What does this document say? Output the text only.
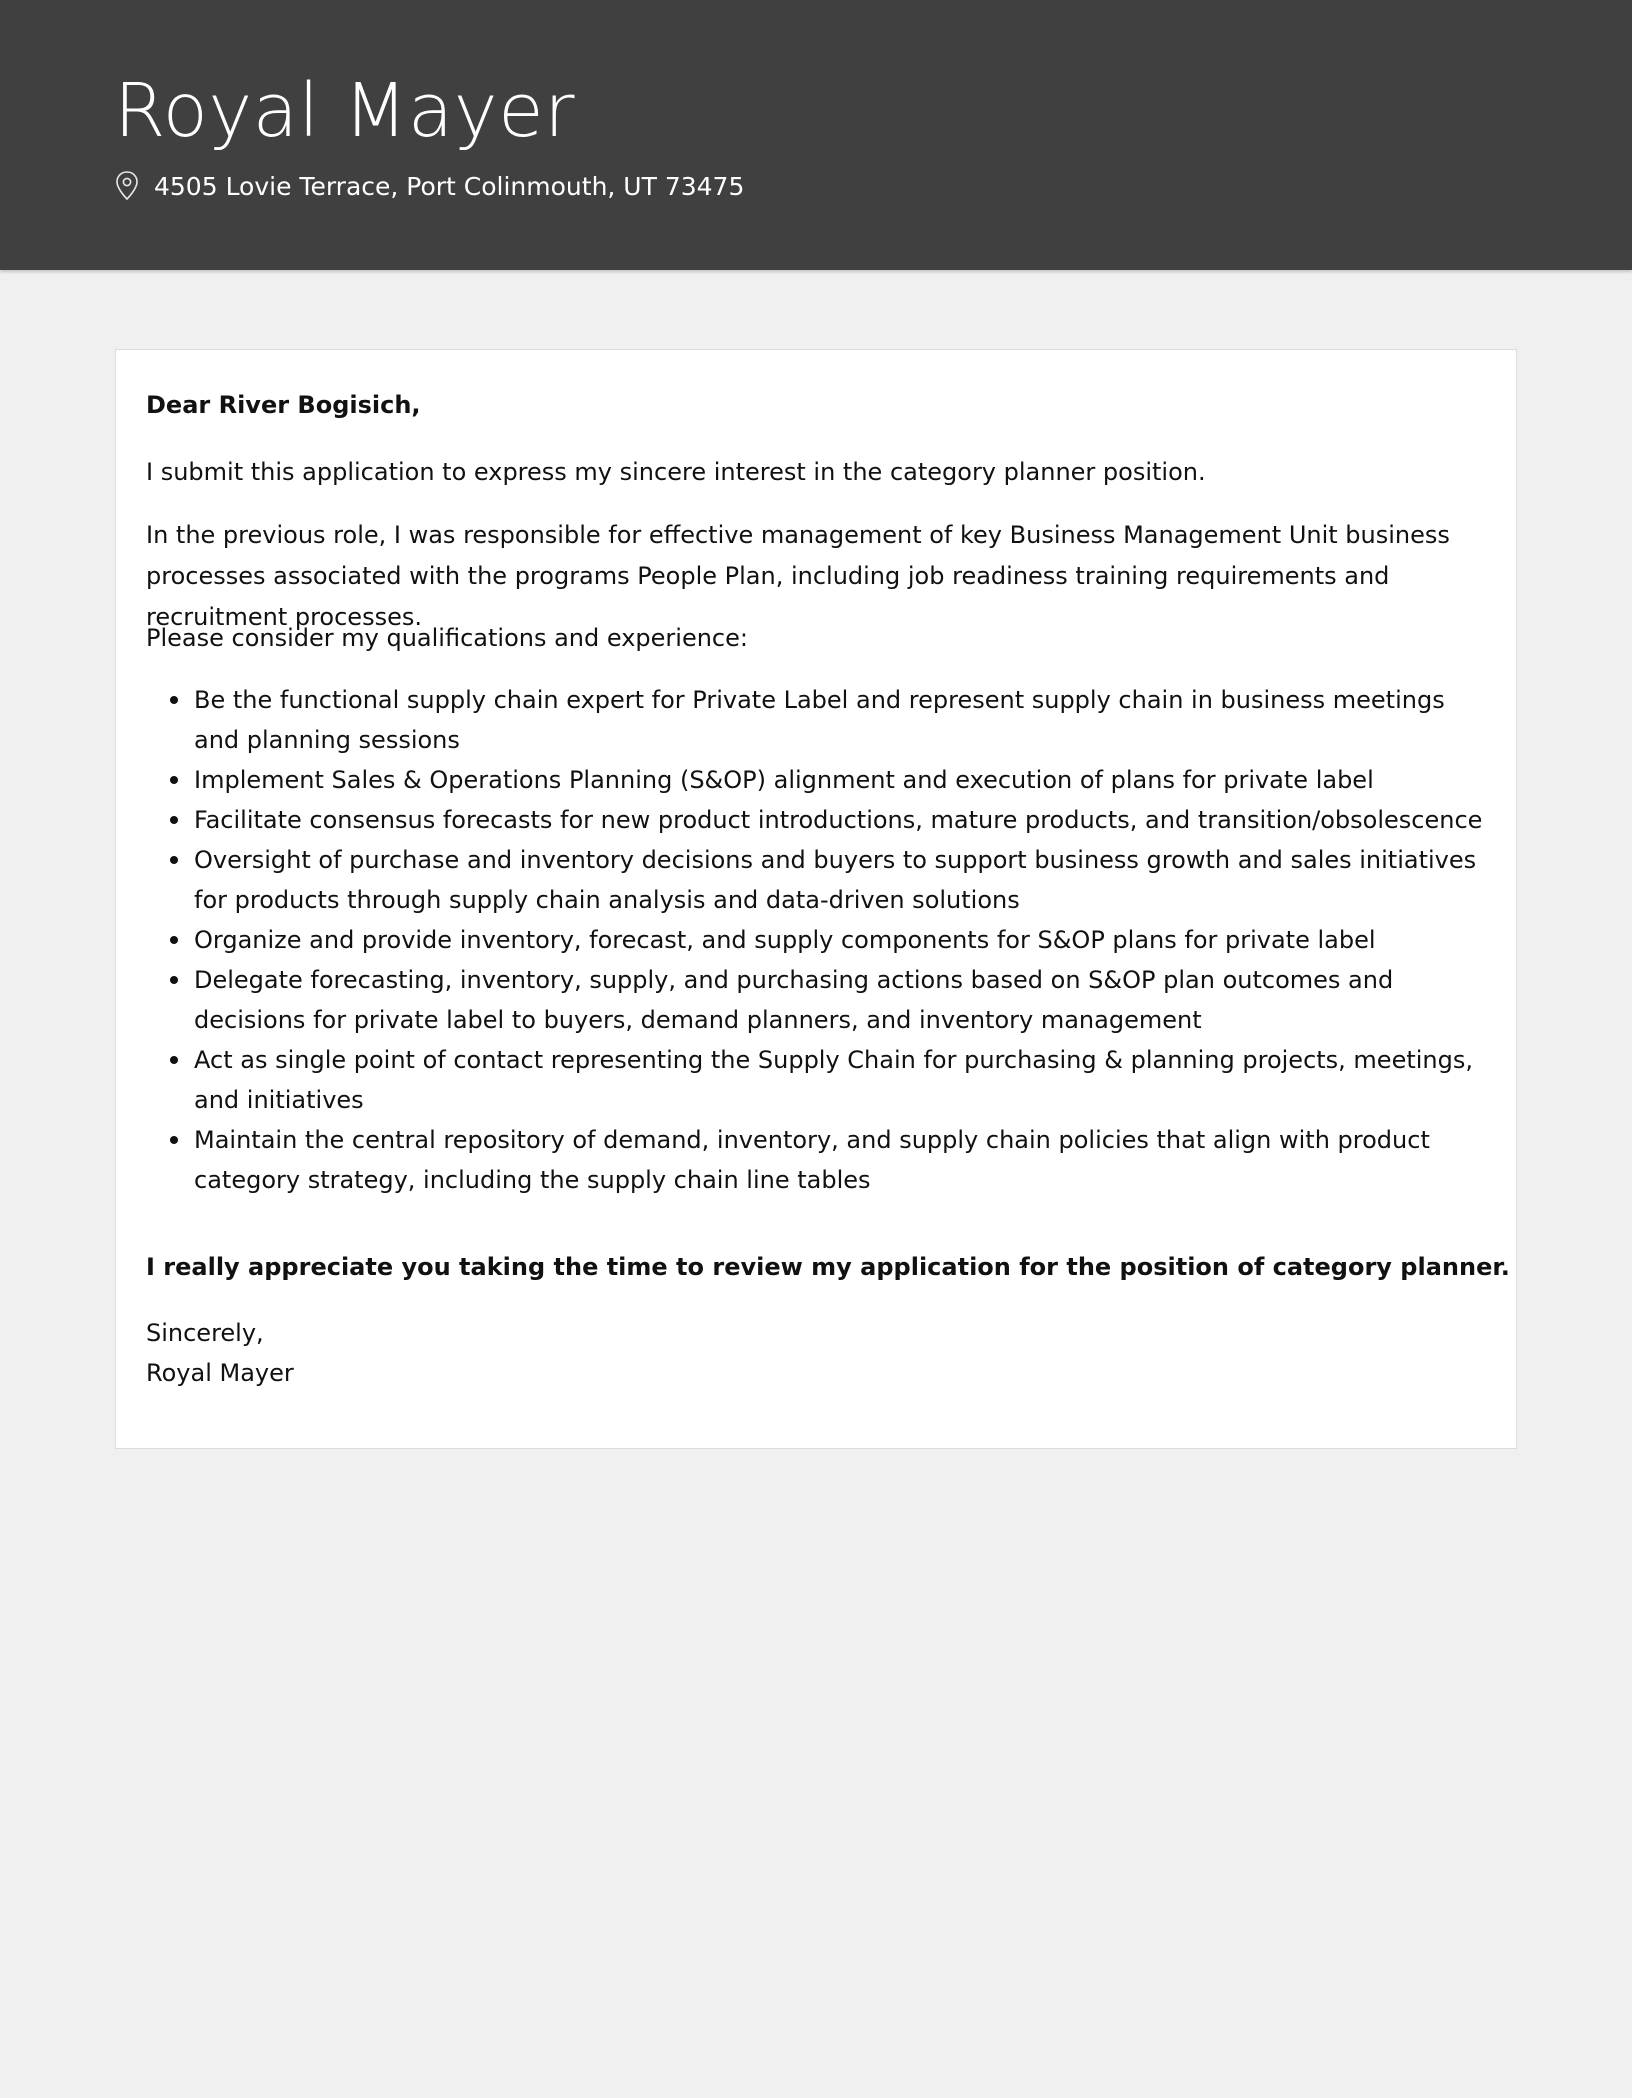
Royal Mayer
4505 Lovie Terrace, Port Colinmouth, UT 73475

Dear River Bogisich,

I submit this application to express my sincere interest in the category planner position.

In the previous role, I was responsible for effective management of key Business Management Unit business processes associated with the programs People Plan, including job readiness training requirements and recruitment processes.

Please consider my qualifications and experience:

Be the functional supply chain expert for Private Label and represent supply chain in business meetings and planning sessions
Implement Sales & Operations Planning (S&OP) alignment and execution of plans for private label
Facilitate consensus forecasts for new product introductions, mature products, and transition/obsolescence
Oversight of purchase and inventory decisions and buyers to support business growth and sales initiatives for products through supply chain analysis and data-driven solutions
Organize and provide inventory, forecast, and supply components for S&OP plans for private label
Delegate forecasting, inventory, supply, and purchasing actions based on S&OP plan outcomes and decisions for private label to buyers, demand planners, and inventory management
Act as single point of contact representing the Supply Chain for purchasing & planning projects, meetings, and initiatives
Maintain the central repository of demand, inventory, and supply chain policies that align with product category strategy, including the supply chain line tables

I really appreciate you taking the time to review my application for the position of category planner.

Sincerely,
Royal Mayer
